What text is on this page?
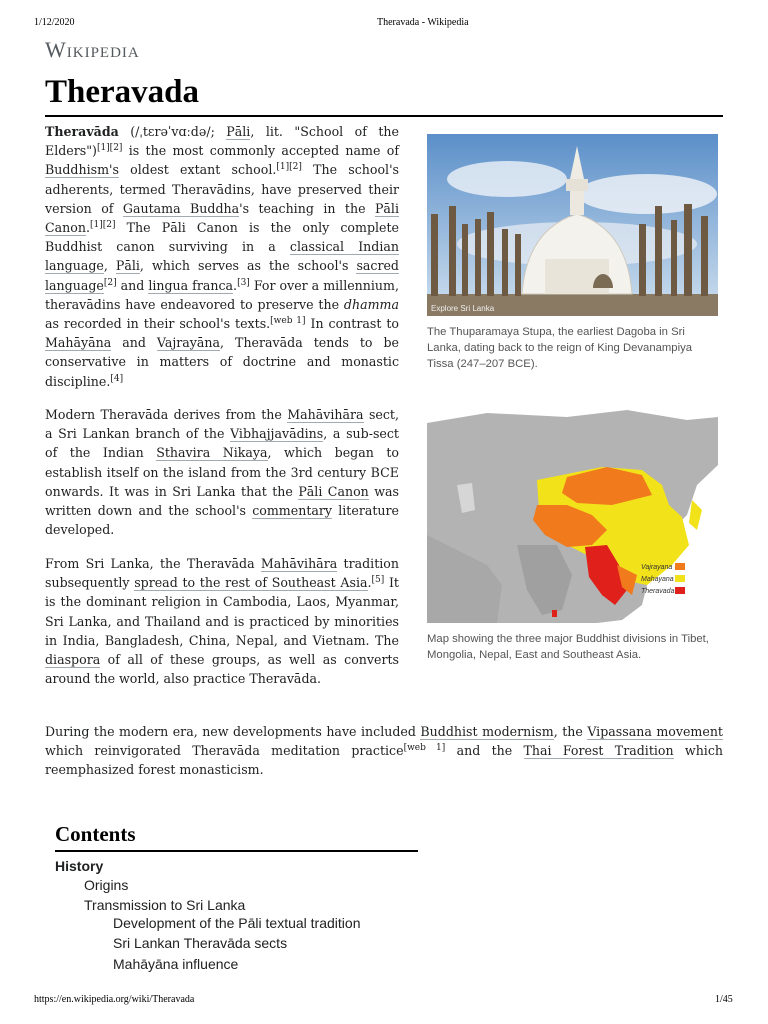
1/12/2020	Theravada - Wikipedia
Wikipedia
Theravada
Theravāda (/ˌtɛrəˈvɑːdə/; Pāli, lit. "School of the Elders")[1][2] is the most commonly accepted name of Buddhism's oldest extant school.[1][2] The school's adherents, termed Theravādins, have preserved their version of Gautama Buddha's teaching in the Pāli Canon.[1][2] The Pāli Canon is the only complete Buddhist canon surviving in a classical Indian language, Pāli, which serves as the school's sacred language[2] and lingua franca.[3] For over a millennium, theravādins have endeavored to preserve the dhamma as recorded in their school's texts.[web 1] In contrast to Mahāyāna and Vajrayāna, Theravāda tends to be conservative in matters of doctrine and monastic discipline.[4]
Explore Sri Lanka
The Thuparamaya Stupa, the earliest Dagoba in Sri Lanka, dating back to the reign of King Devanampiya Tissa (247–207 BCE).
Vajrayana
Mahayana
Theravada
Map showing the three major Buddhist divisions in Tibet, Mongolia, Nepal, East and Southeast Asia.
Modern Theravāda derives from the Mahāvihāra sect, a Sri Lankan branch of the Vibhajjavādins, a sub-sect of the Indian Sthavira Nikaya, which began to establish itself on the island from the 3rd century BCE onwards. It was in Sri Lanka that the Pāli Canon was written down and the school's commentary literature developed.
From Sri Lanka, the Theravāda Mahāvihāra tradition subsequently spread to the rest of Southeast Asia.[5] It is the dominant religion in Cambodia, Laos, Myanmar, Sri Lanka, and Thailand and is practiced by minorities in India, Bangladesh, China, Nepal, and Vietnam. The diaspora of all of these groups, as well as converts around the world, also practice Theravāda.
During the modern era, new developments have included Buddhist modernism, the Vipassana movement which reinvigorated Theravāda meditation practice[web 1] and the Thai Forest Tradition which reemphasized forest monasticism.
Contents
History
Origins
Transmission to Sri Lanka
Development of the Pāli textual tradition
Sri Lankan Theravāda sects
Mahāyāna influence
https://en.wikipedia.org/wiki/Theravada	1/45
